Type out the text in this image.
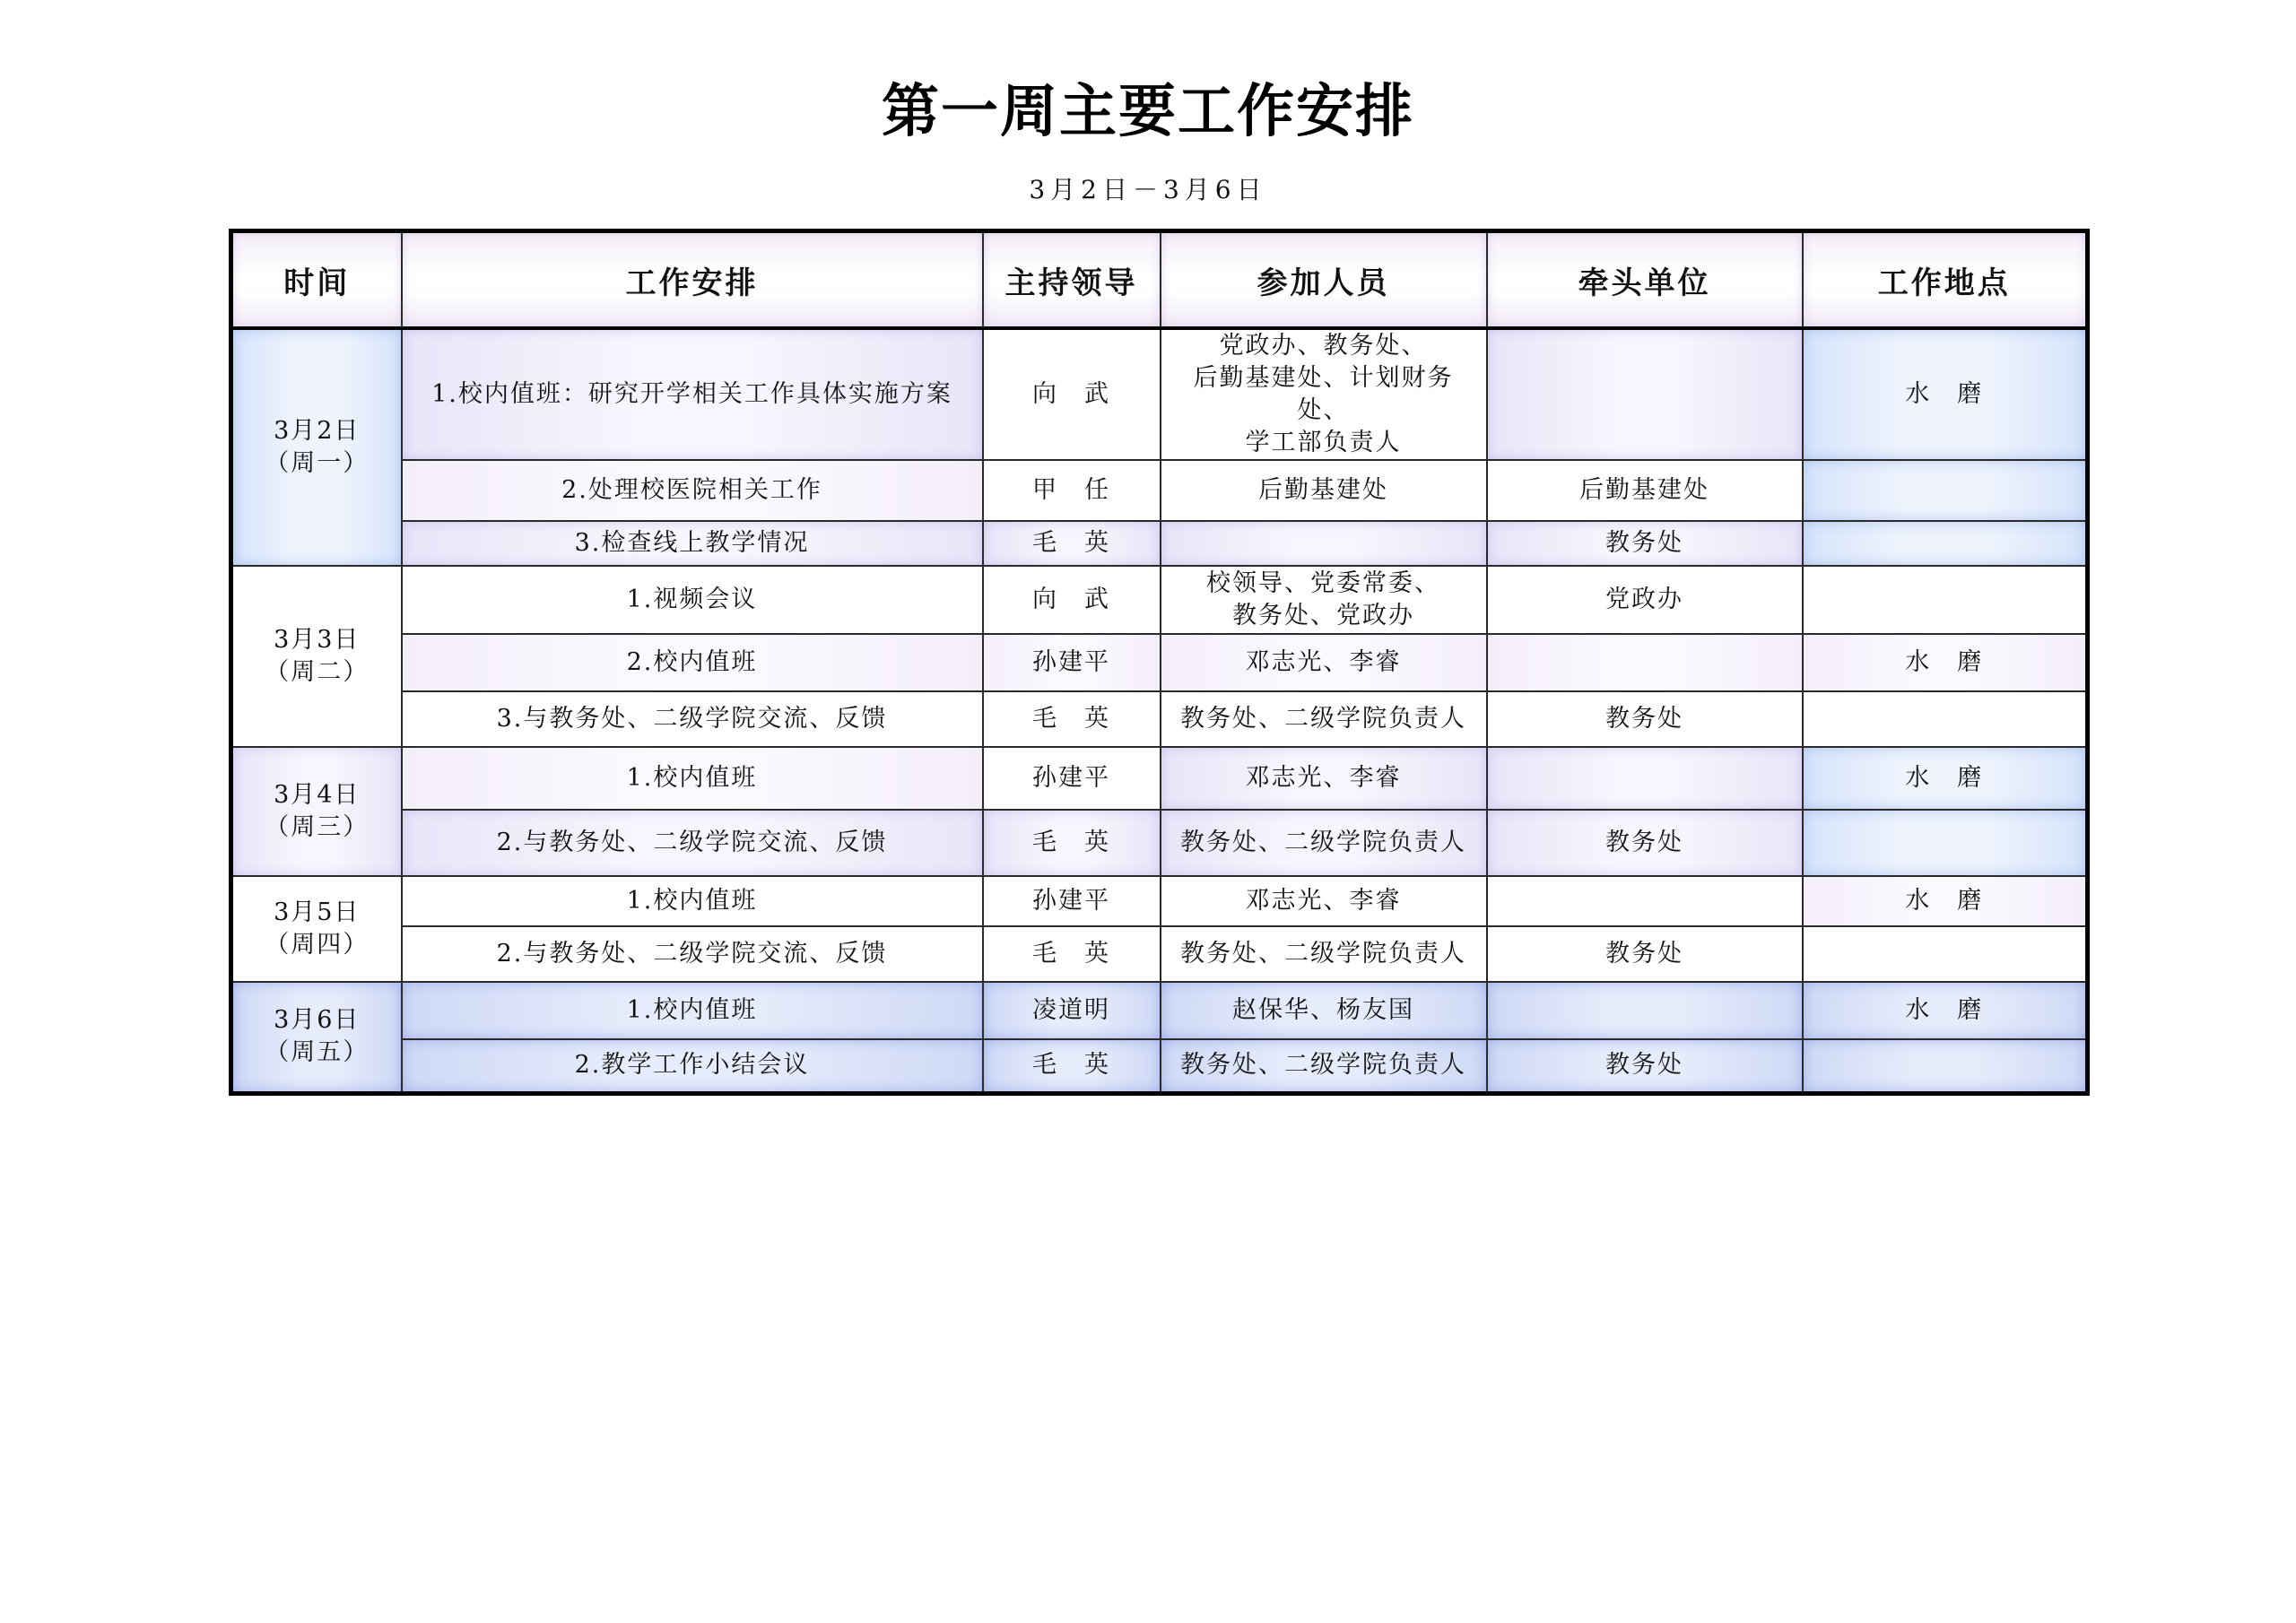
第一周主要工作安排
3月2日－3月6日
时间	工作安排	主持领导	参加人员	牵头单位	工作地点

3月2日
（周一）	1.校内值班：研究开学相关工作具体实施方案	向　武	党政办、教务处、
后勤基建处、计划财务处、
学工部负责人		水　磨
	2.处理校医院相关工作	甲　任	后勤基建处	后勤基建处	
	3.检查线上教学情况	毛　英		教务处	

3月3日
（周二）	1.视频会议	向　武	校领导、党委常委、
教务处、党政办	党政办	
	2.校内值班	孙建平	邓志光、李睿		水　磨
	3.与教务处、二级学院交流、反馈	毛　英	教务处、二级学院负责人	教务处	

3月4日
（周三）	1.校内值班	孙建平	邓志光、李睿		水　磨
	2.与教务处、二级学院交流、反馈	毛　英	教务处、二级学院负责人	教务处	

3月5日
（周四）	1.校内值班	孙建平	邓志光、李睿		水　磨
	2.与教务处、二级学院交流、反馈	毛　英	教务处、二级学院负责人	教务处	

3月6日
（周五）	1.校内值班	凌道明	赵保华、杨友国		水　磨
	2.教学工作小结会议	毛　英	教务处、二级学院负责人	教务处	
